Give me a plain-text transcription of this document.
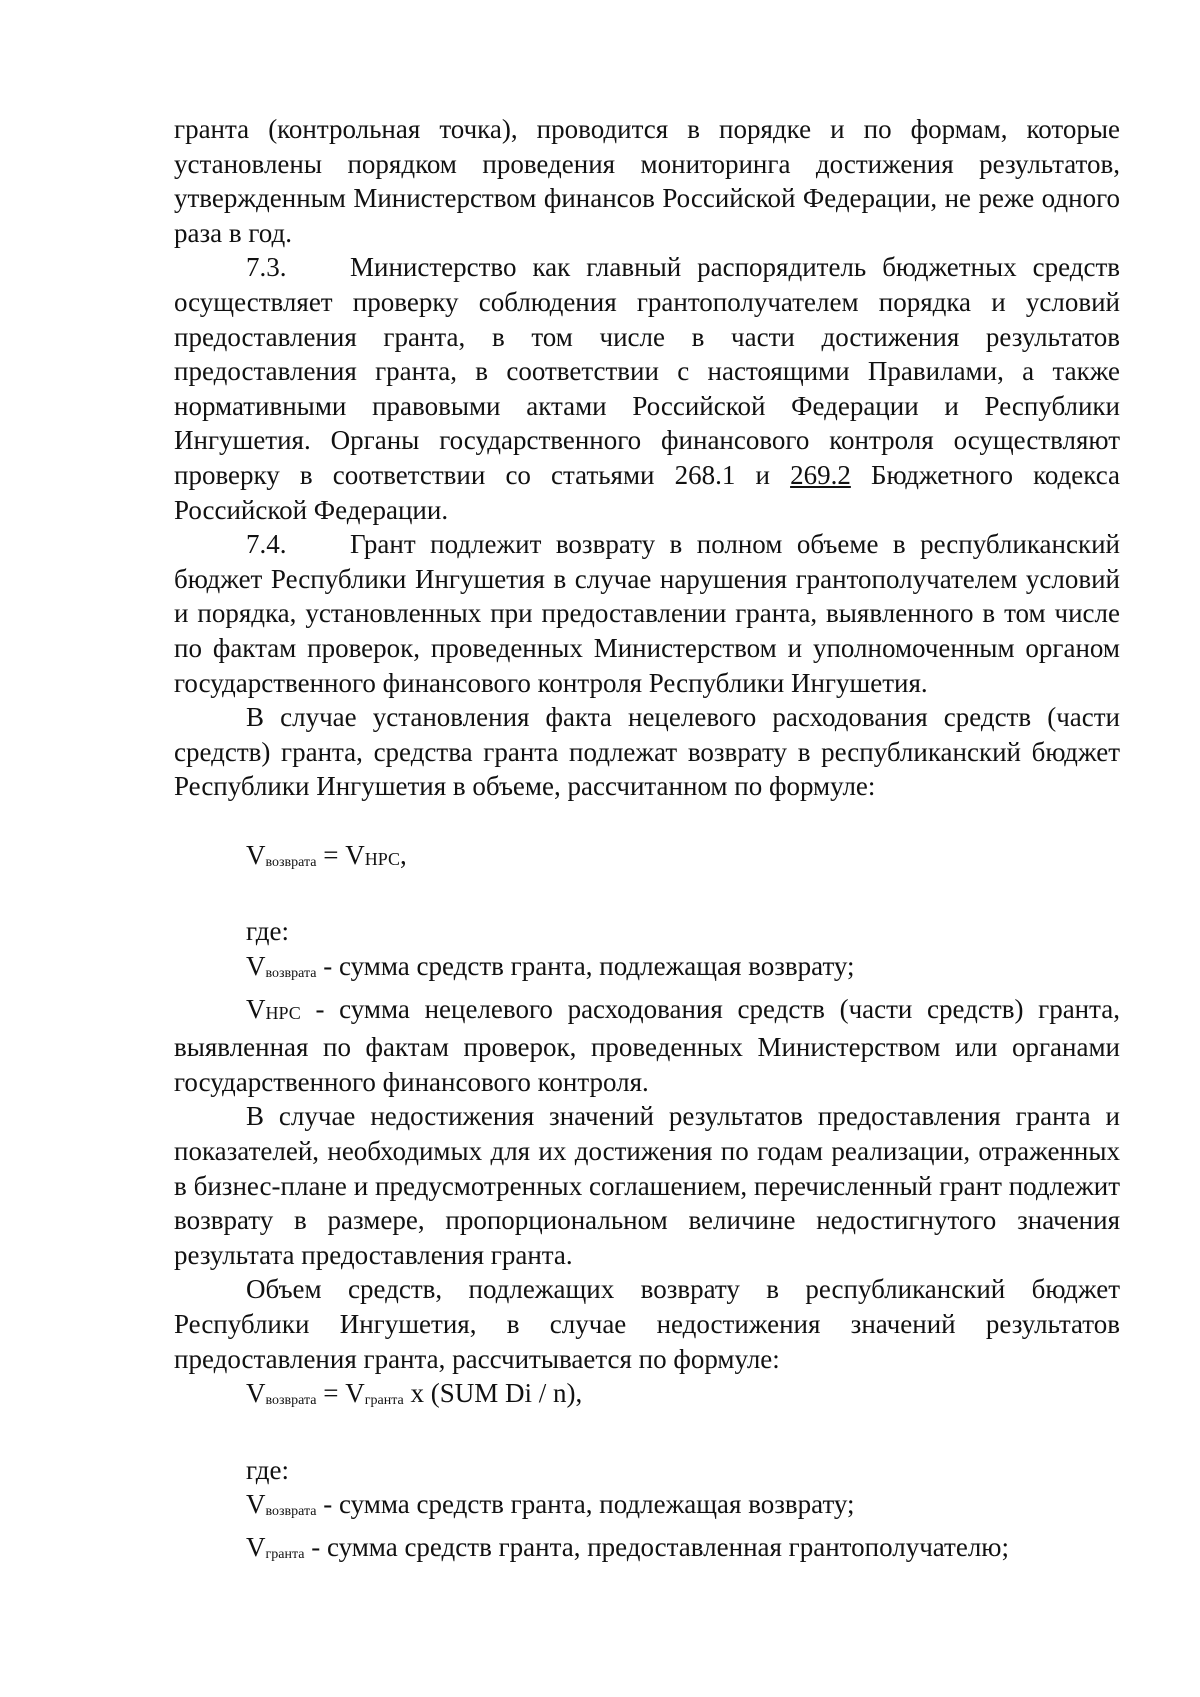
гранта (контрольная точка), проводится в порядке и по формам, которые установлены порядком проведения мониторинга достижения результатов, утвержденным Министерством финансов Российской Федерации, не реже одного раза в год.

7.3. Министерство как главный распорядитель бюджетных средств осуществляет проверку соблюдения грантополучателем порядка и условий предоставления гранта, в том числе в части достижения результатов предоставления гранта, в соответствии с настоящими Правилами, а также нормативными правовыми актами Российской Федерации и Республики Ингушетия. Органы государственного финансового контроля осуществляют проверку в соответствии со статьями 268.1 и 269.2 Бюджетного кодекса Российской Федерации.

7.4. Грант подлежит возврату в полном объеме в республиканский бюджет Республики Ингушетия в случае нарушения грантополучателем условий и порядка, установленных при предоставлении гранта, выявленного в том числе по фактам проверок, проведенных Министерством и уполномоченным органом государственного финансового контроля Республики Ингушетия.

В случае установления факта нецелевого расходования средств (части средств) гранта, средства гранта подлежат возврату в республиканский бюджет Республики Ингушетия в объеме, рассчитанном по формуле:

Vвозврата = VНРС,

где:

Vвозврата - сумма средств гранта, подлежащая возврату;

VНРС - сумма нецелевого расходования средств (части средств) гранта, выявленная по фактам проверок, проведенных Министерством или органами государственного финансового контроля.

В случае недостижения значений результатов предоставления гранта и показателей, необходимых для их достижения по годам реализации, отраженных в бизнес-плане и предусмотренных соглашением, перечисленный грант подлежит возврату в размере, пропорциональном величине недостигнутого значения результата предоставления гранта.

Объем средств, подлежащих возврату в республиканский бюджет Республики Ингушетия, в случае недостижения значений результатов предоставления гранта, рассчитывается по формуле:

Vвозврата = Vгранта x (SUM Di / n),

где:

Vвозврата - сумма средств гранта, подлежащая возврату;

Vгранта - сумма средств гранта, предоставленная грантополучателю;
